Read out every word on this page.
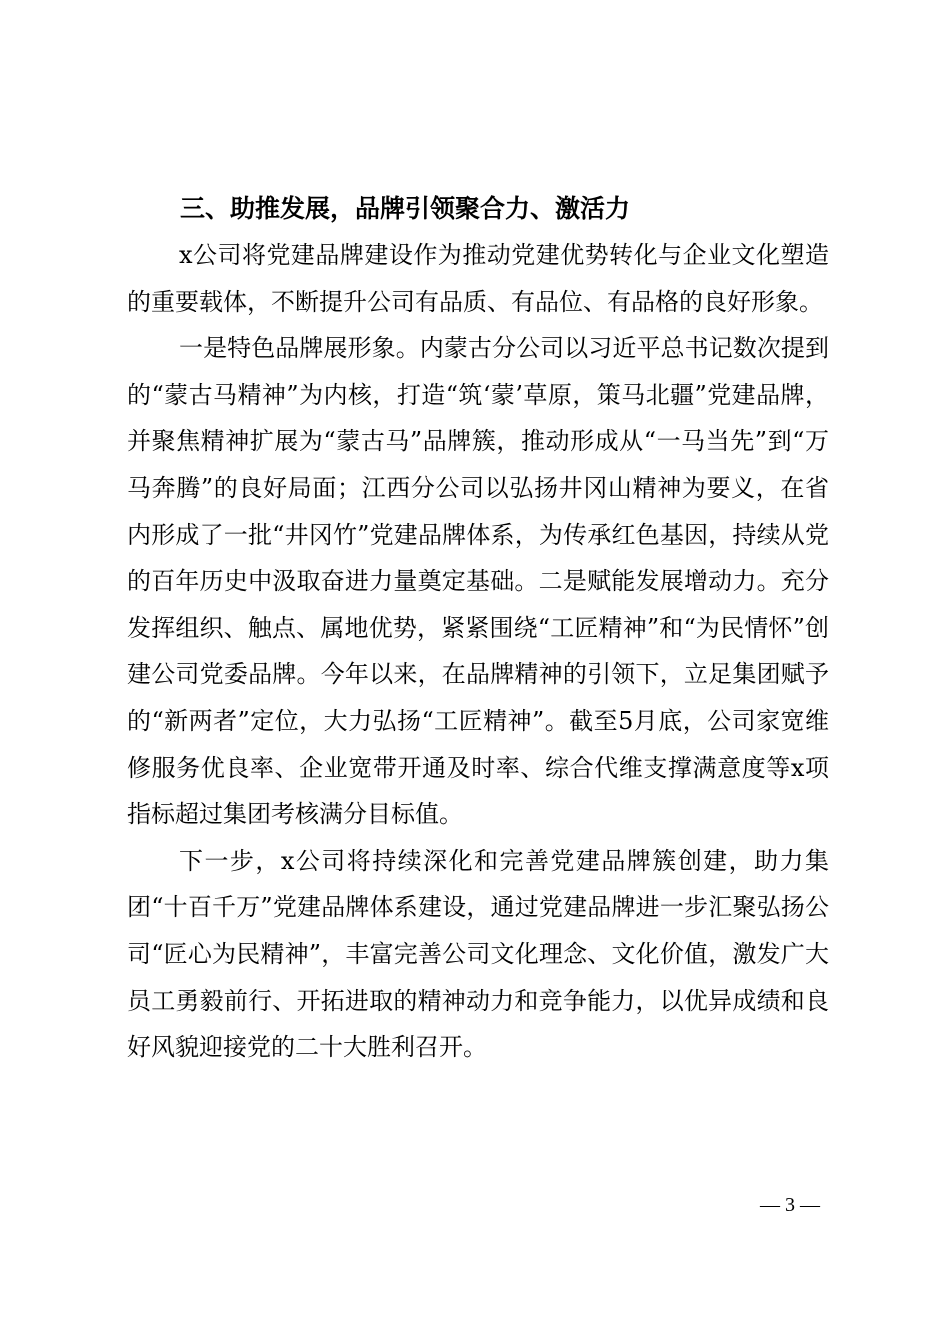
三、助推发展，品牌引领聚合力、激活力

x公司将党建品牌建设作为推动党建优势转化与企业文化塑造的重要载体，不断提升公司有品质、有品位、有品格的良好形象。

一是特色品牌展形象。内蒙古分公司以习近平总书记数次提到的“蒙古马精神”为内核，打造“筑‘蒙’草原，策马北疆”党建品牌，并聚焦精神扩展为“蒙古马”品牌簇，推动形成从“一马当先”到“万马奔腾”的良好局面；江西分公司以弘扬井冈山精神为要义，在省内形成了一批“井冈竹”党建品牌体系，为传承红色基因，持续从党的百年历史中汲取奋进力量奠定基础。二是赋能发展增动力。充分发挥组织、触点、属地优势，紧紧围绕“工匠精神”和“为民情怀”创建公司党委品牌。今年以来，在品牌精神的引领下，立足集团赋予的“新两者”定位，大力弘扬“工匠精神”。截至5月底，公司家宽维修服务优良率、企业宽带开通及时率、综合代维支撑满意度等x项指标超过集团考核满分目标值。

下一步，x公司将持续深化和完善党建品牌簇创建，助力集团“十百千万”党建品牌体系建设，通过党建品牌进一步汇聚弘扬公司“匠心为民精神”，丰富完善公司文化理念、文化价值，激发广大员工勇毅前行、开拓进取的精神动力和竞争能力，以优异成绩和良好风貌迎接党的二十大胜利召开。

— 3 —
